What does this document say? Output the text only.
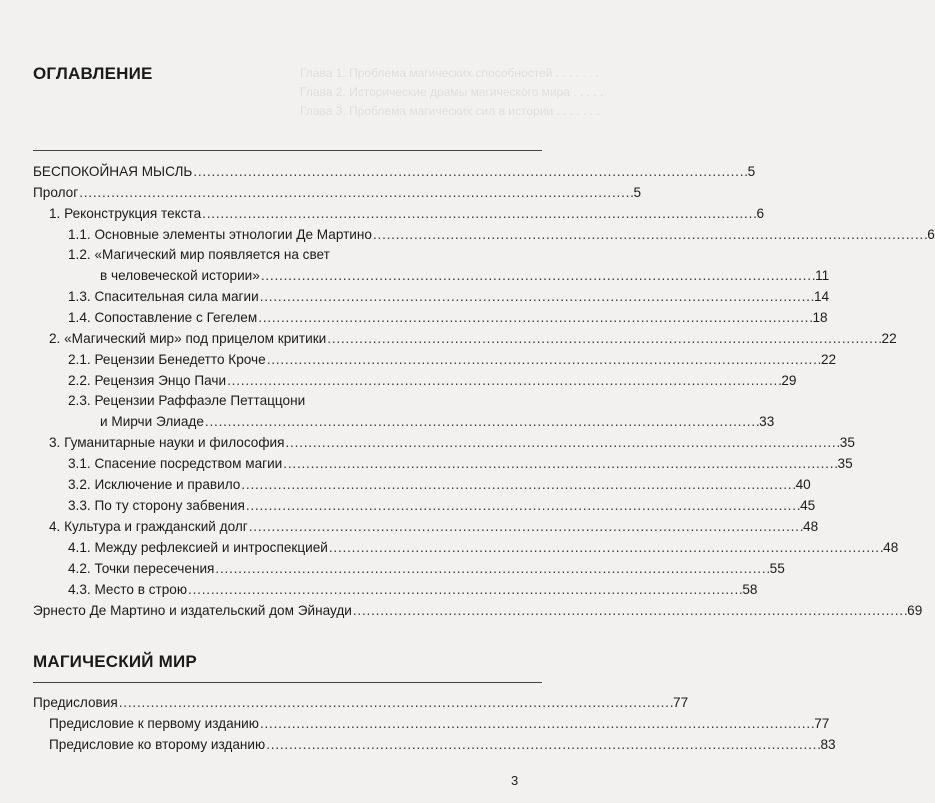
Глава 1. Проблема магических способностей . . . . . . .
Глава 2. Исторические драмы магического мира . . . . .
Глава 3. Проблема магических сил в истории . . . . . . .
ОГЛАВЛЕНИЕ
БЕСПОКОЙНАЯ МЫСЛЬ . . .	5
Пролог . . .	5
1. Реконструкция текста . . .	6
1.1. Основные элементы этнологии Де Мартино . . .	6
1.2. «Магический мир появляется на свет
в человеческой истории» . . .	11
1.3. Спасительная сила магии . . .	14
1.4. Сопоставление с Гегелем . . .	18
2. «Магический мир» под прицелом критики . . .	22
2.1. Рецензии Бенедетто Кроче . . .	22
2.2. Рецензия Энцо Пачи . . .	29
2.3. Рецензии Раффаэле Петтаццони
и Мирчи Элиаде . . .	33
3. Гуманитарные науки и философия . . .	35
3.1. Спасение посредством магии . . .	35
3.2. Исключение и правило . . .	40
3.3. По ту сторону забвения . . .	45
4. Культура и гражданский долг . . .	48
4.1. Между рефлексией и интроспекцией . . .	48
4.2. Точки пересечения . . .	55
4.3. Место в строю . . .	58
Эрнесто Де Мартино и издательский дом Эйнауди . . .	69
МАГИЧЕСКИЙ МИР
Предисловия . . .	77
Предисловие к первому изданию . . .	77
Предисловие ко второму изданию . . .	83
3
